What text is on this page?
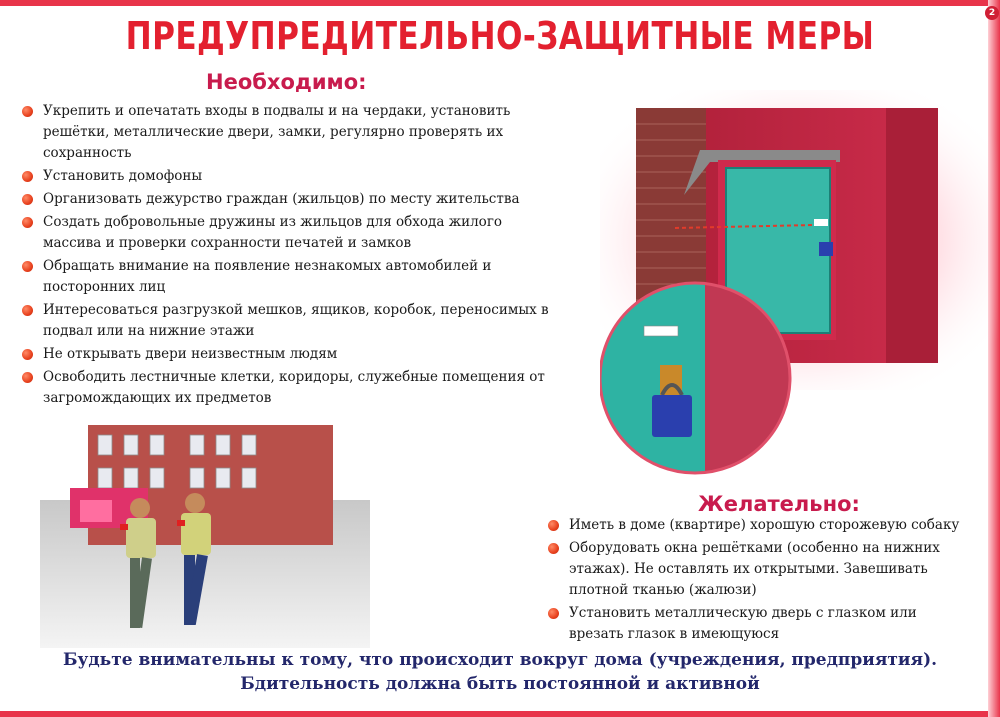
2
ПРЕДУПРЕДИТЕЛЬНО-ЗАЩИТНЫЕ МЕРЫ
Необходимо:
Укрепить и опечатать входы в подвалы и на чердаки, установить решётки, металлические двери, замки, регулярно проверять их сохранность
Установить домофоны
Организовать дежурство граждан (жильцов) по месту жительства
Создать добровольные дружины из жильцов для обхода жилого массива и проверки сохранности печатей и замков
Обращать внимание на появление незнакомых автомобилей и посторонних лиц
Интересоваться разгрузкой мешков, ящиков, коробок, переносимых в подвал или на нижние этажи
Не открывать двери неизвестным людям
Освободить лестничные клетки, коридоры, служебные помещения от загромождающих их предметов
Желательно:
Иметь в доме (квартире) хорошую сторожевую собаку
Оборудовать окна решётками (особенно на нижних этажах). Не оставлять их открытыми. Завешивать плотной тканью (жалюзи)
Установить металлическую дверь с глазком или врезать глазок в имеющуюся
Будьте внимательны к тому, что происходит вокруг дома (учреждения, предприятия).
Бдительность должна быть постоянной и активной
